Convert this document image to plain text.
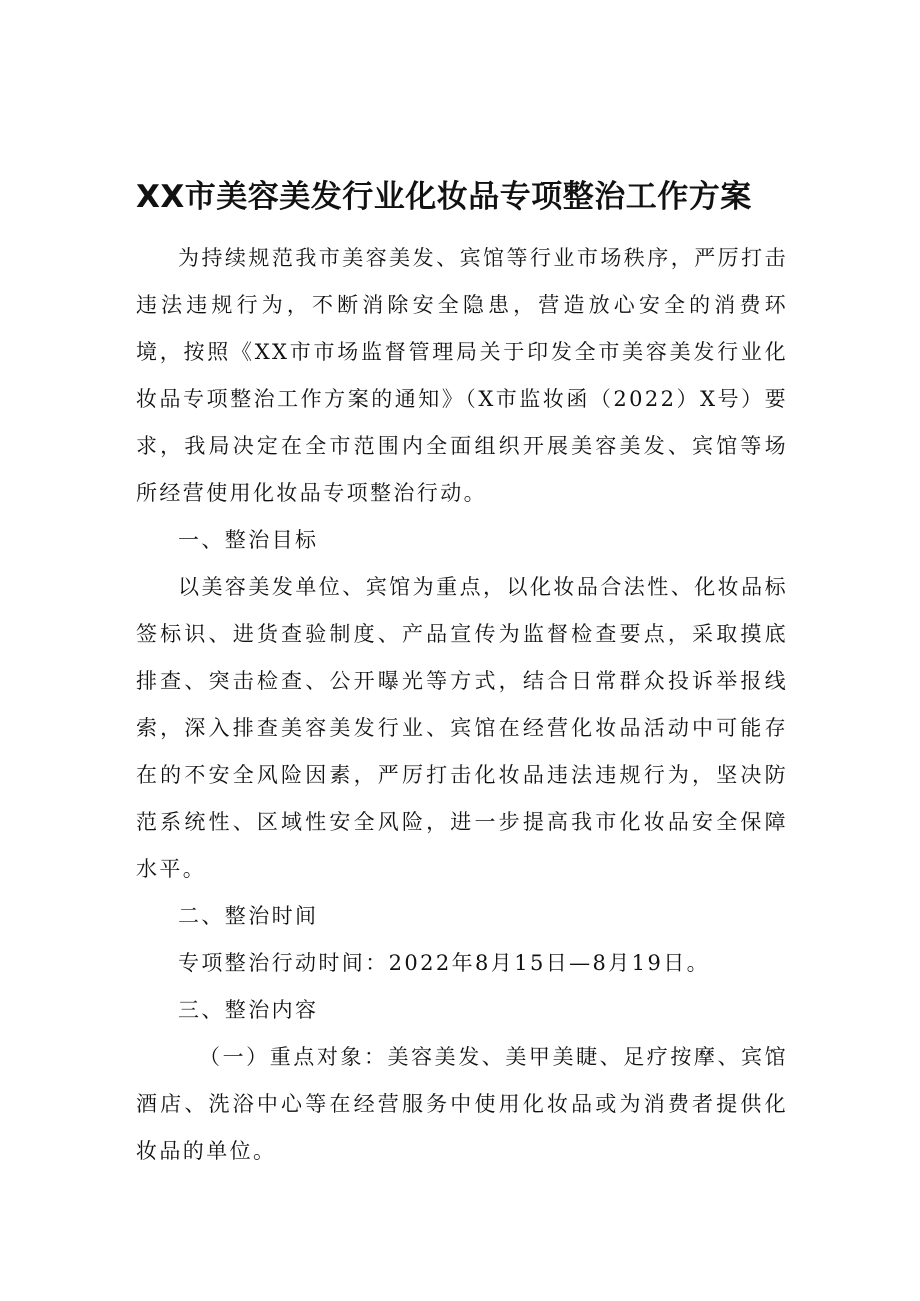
XX市美容美发行业化妆品专项整治工作方案

为持续规范我市美容美发、宾馆等行业市场秩序，严厉打击违法违规行为，不断消除安全隐患，营造放心安全的消费环境，按照《XX市市场监督管理局关于印发全市美容美发行业化妆品专项整治工作方案的通知》（X市监妆函（2022）X号）要求，我局决定在全市范围内全面组织开展美容美发、宾馆等场所经营使用化妆品专项整治行动。

一、整治目标

以美容美发单位、宾馆为重点，以化妆品合法性、化妆品标签标识、进货查验制度、产品宣传为监督检查要点，采取摸底排查、突击检查、公开曝光等方式，结合日常群众投诉举报线索，深入排查美容美发行业、宾馆在经营化妆品活动中可能存在的不安全风险因素，严厉打击化妆品违法违规行为，坚决防范系统性、区域性安全风险，进一步提高我市化妆品安全保障水平。

二、整治时间

专项整治行动时间：2022年8月15日—8月19日。

三、整治内容

（一）重点对象：美容美发、美甲美睫、足疗按摩、宾馆酒店、洗浴中心等在经营服务中使用化妆品或为消费者提供化妆品的单位。
